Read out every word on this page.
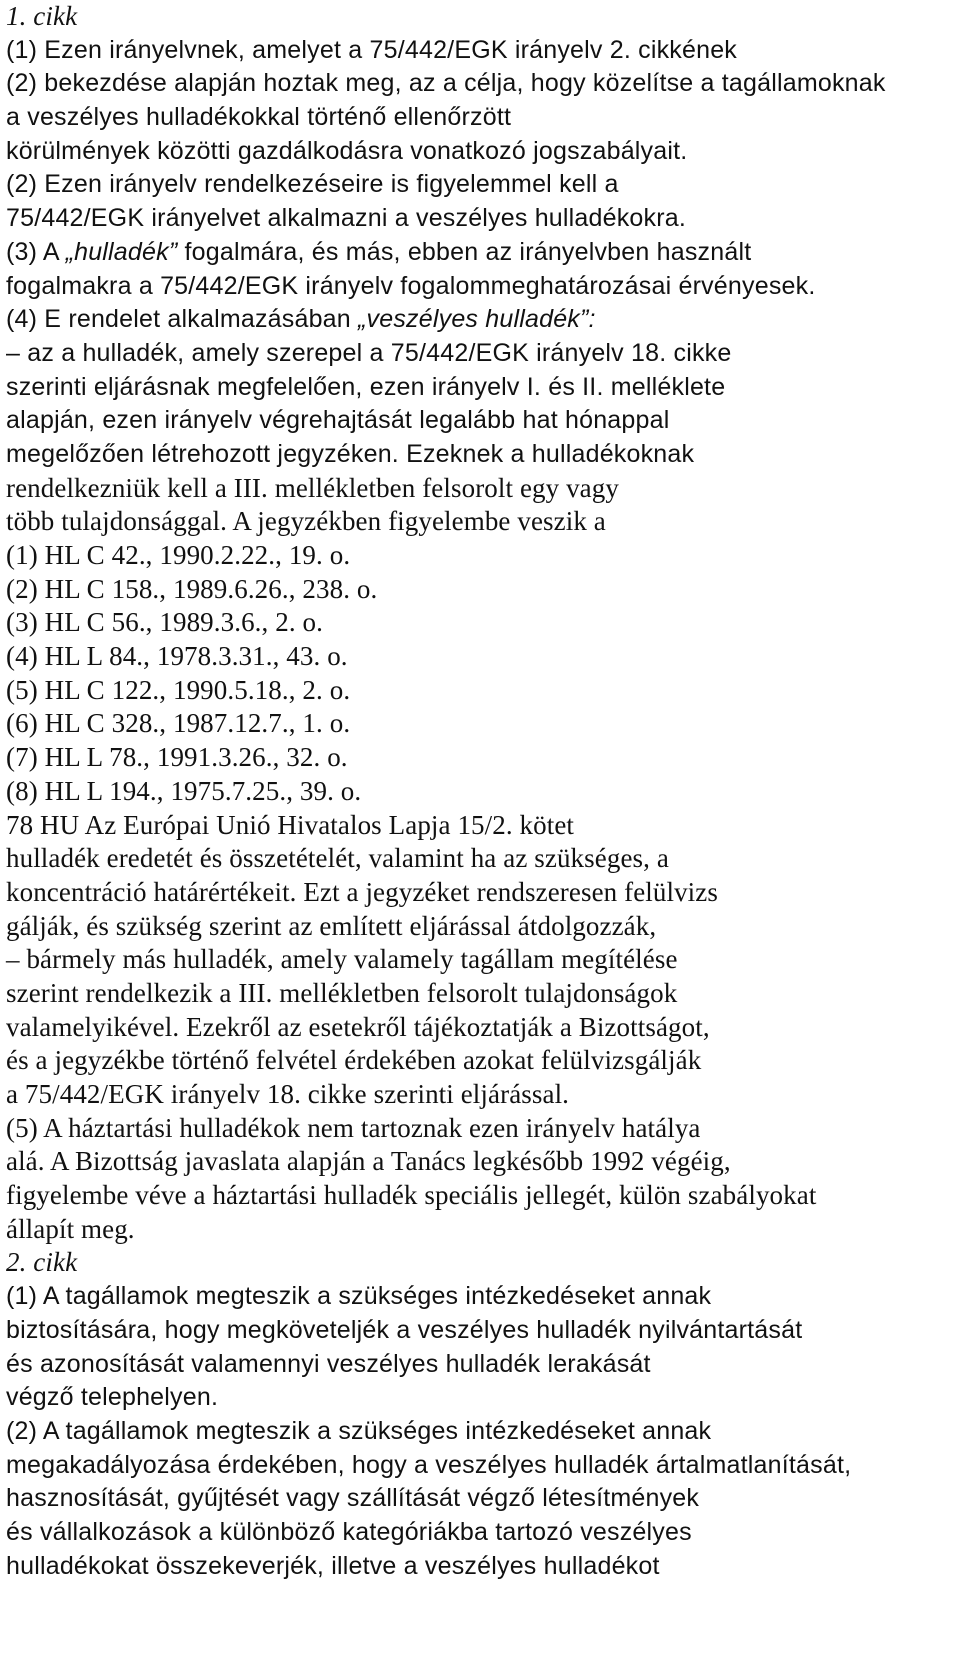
1. cikk
(1) Ezen irányelvnek, amelyet a 75/442/EGK irányelv 2. cikkének
(2) bekezdése alapján hoztak meg, az a célja, hogy közelítse a tagállamoknak
a veszélyes hulladékokkal történő ellenőrzött
körülmények közötti gazdálkodásra vonatkozó jogszabályait.
(2) Ezen irányelv rendelkezéseire is figyelemmel kell a
75/442/EGK irányelvet alkalmazni a veszélyes hulladékokra.
(3) A „hulladék” fogalmára, és más, ebben az irányelvben használt
fogalmakra a 75/442/EGK irányelv fogalommeghatározásai érvényesek.
(4) E rendelet alkalmazásában „veszélyes hulladék”:
– az a hulladék, amely szerepel a 75/442/EGK irányelv 18. cikke
szerinti eljárásnak megfelelően, ezen irányelv I. és II. melléklete
alapján, ezen irányelv végrehajtását legalább hat hónappal
megelőzően létrehozott jegyzéken. Ezeknek a hulladékoknak
rendelkezniük kell a III. mellékletben felsorolt egy vagy
több tulajdonsággal. A jegyzékben figyelembe veszik a
(1) HL C 42., 1990.2.22., 19. o.
(2) HL C 158., 1989.6.26., 238. o.
(3) HL C 56., 1989.3.6., 2. o.
(4) HL L 84., 1978.3.31., 43. o.
(5) HL C 122., 1990.5.18., 2. o.
(6) HL C 328., 1987.12.7., 1. o.
(7) HL L 78., 1991.3.26., 32. o.
(8) HL L 194., 1975.7.25., 39. o.
78 HU Az Európai Unió Hivatalos Lapja 15/2. kötet
hulladék eredetét és összetételét, valamint ha az szükséges, a
koncentráció határértékeit. Ezt a jegyzéket rendszeresen felülvizs
gálják, és szükség szerint az említett eljárással átdolgozzák,
– bármely más hulladék, amely valamely tagállam megítélése
szerint rendelkezik a III. mellékletben felsorolt tulajdonságok
valamelyikével. Ezekről az esetekről tájékoztatják a Bizottságot,
és a jegyzékbe történő felvétel érdekében azokat felülvizsgálják
a 75/442/EGK irányelv 18. cikke szerinti eljárással.
(5) A háztartási hulladékok nem tartoznak ezen irányelv hatálya
alá. A Bizottság javaslata alapján a Tanács legkésőbb 1992 végéig,
figyelembe véve a háztartási hulladék speciális jellegét, külön szabályokat
állapít meg.
2. cikk
(1) A tagállamok megteszik a szükséges intézkedéseket annak
biztosítására, hogy megköveteljék a veszélyes hulladék nyilvántartását
és azonosítását valamennyi veszélyes hulladék lerakását
végző telephelyen.
(2) A tagállamok megteszik a szükséges intézkedéseket annak
megakadályozása érdekében, hogy a veszélyes hulladék ártalmatlanítását,
hasznosítását, gyűjtését vagy szállítását végző létesítmények
és vállalkozások a különböző kategóriákba tartozó veszélyes
hulladékokat összekeverjék, illetve a veszélyes hulladékot
